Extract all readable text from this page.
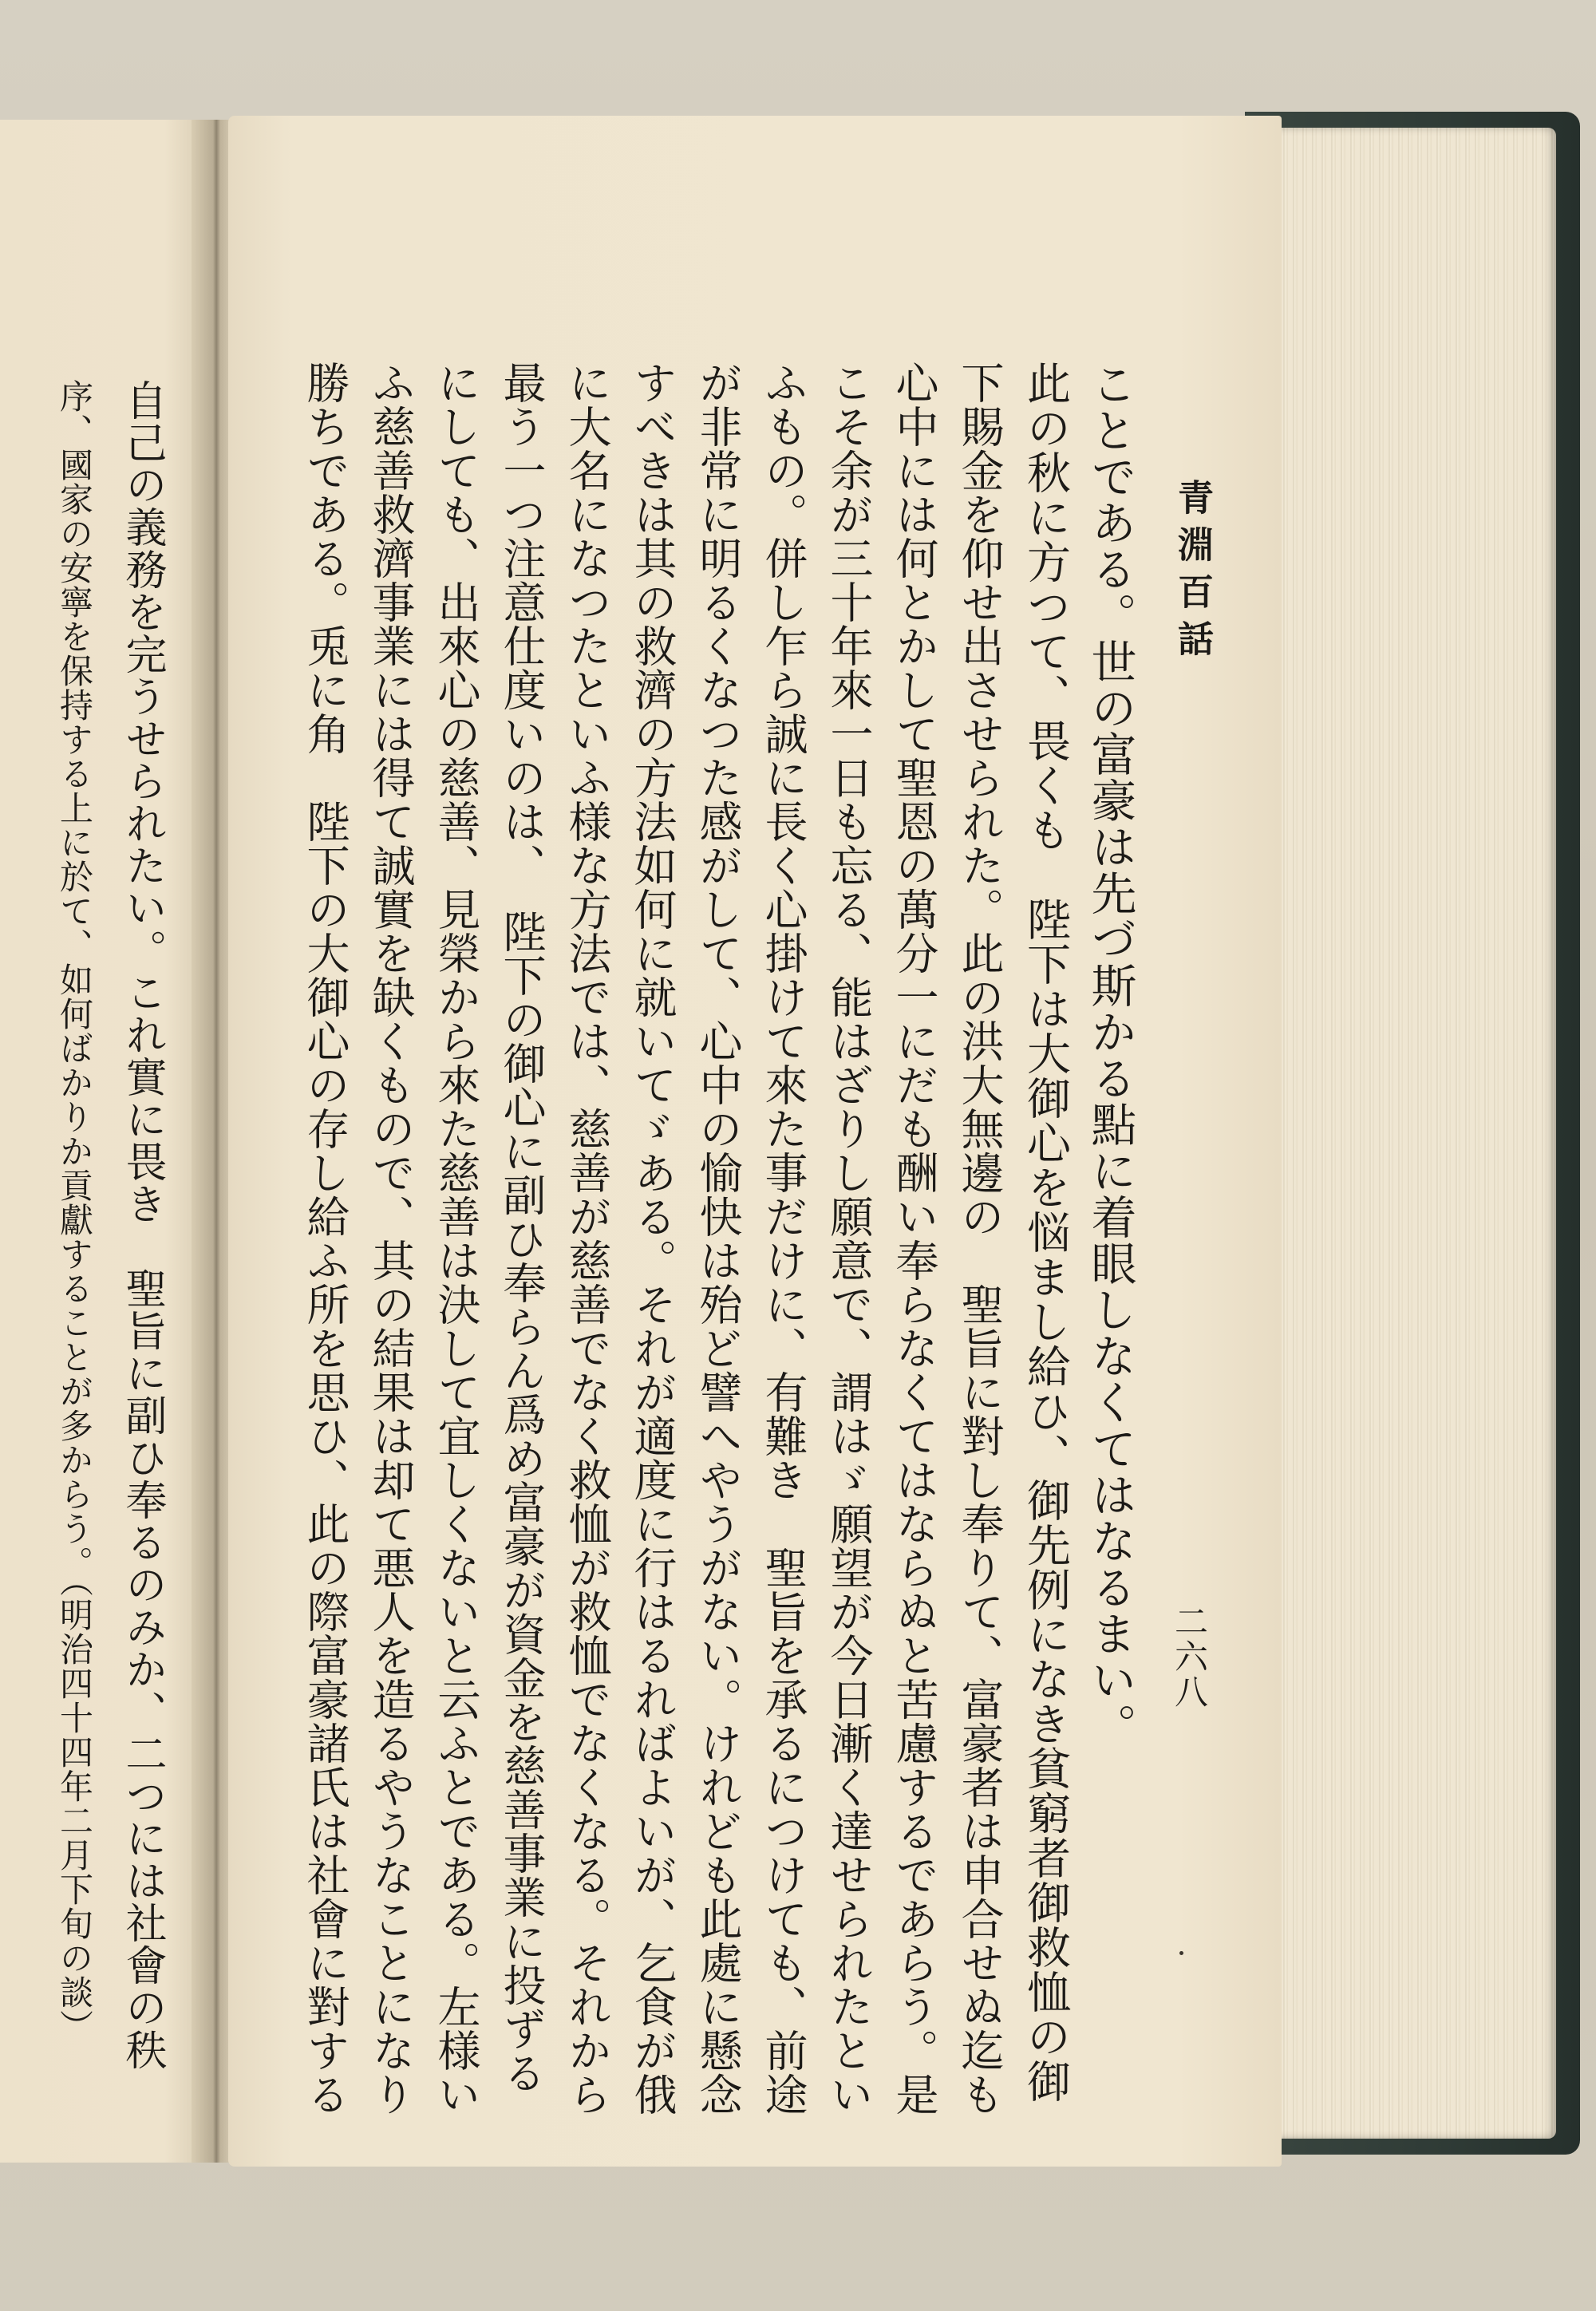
自己の義務を完うせられたい。これ實に畏き　聖旨に副ひ奉るのみか、二つには社會の秩
序、國家の安寧を保持する上に於て、如何ばかりか貢獻することが多からう。（明治四十四年二月下旬の談）	青淵百話
二六八
ことである。世の富豪は先づ斯かる點に着眼しなくてはなるまい。
此の秋に方つて、畏くも　陛下は大御心を悩まし給ひ、御先例になき貧窮者御救恤の御
下賜金を仰せ出させられた。此の洪大無邊の　聖旨に對し奉りて、富豪者は申合せぬ迄も
心中には何とかして聖恩の萬分一にだも酬い奉らなくてはならぬと苦慮するであらう。是
こそ余が三十年來一日も忘る、能はざりし願意で、謂はゞ願望が今日漸く達せられたとい
ふもの。併し乍ら誠に長く心掛けて來た事だけに、有難き　聖旨を承るにつけても、前途
が非常に明るくなつた感がして、心中の愉快は殆ど譬へやうがない。けれども此處に懸念
すべきは其の救濟の方法如何に就いてゞある。それが適度に行はるればよいが、乞食が俄
に大名になつたといふ様な方法では、慈善が慈善でなく救恤が救恤でなくなる。それから
最う一つ注意仕度いのは、　陛下の御心に副ひ奉らん爲め富豪が資金を慈善事業に投ずる
にしても、出來心の慈善、見榮から來た慈善は決して宜しくないと云ふとである。左様い
ふ慈善救濟事業には得て誠實を缺くもので、其の結果は却て悪人を造るやうなことになり
勝ちである。兎に角　陛下の大御心の存し給ふ所を思ひ、此の際富豪諸氏は社會に對する
